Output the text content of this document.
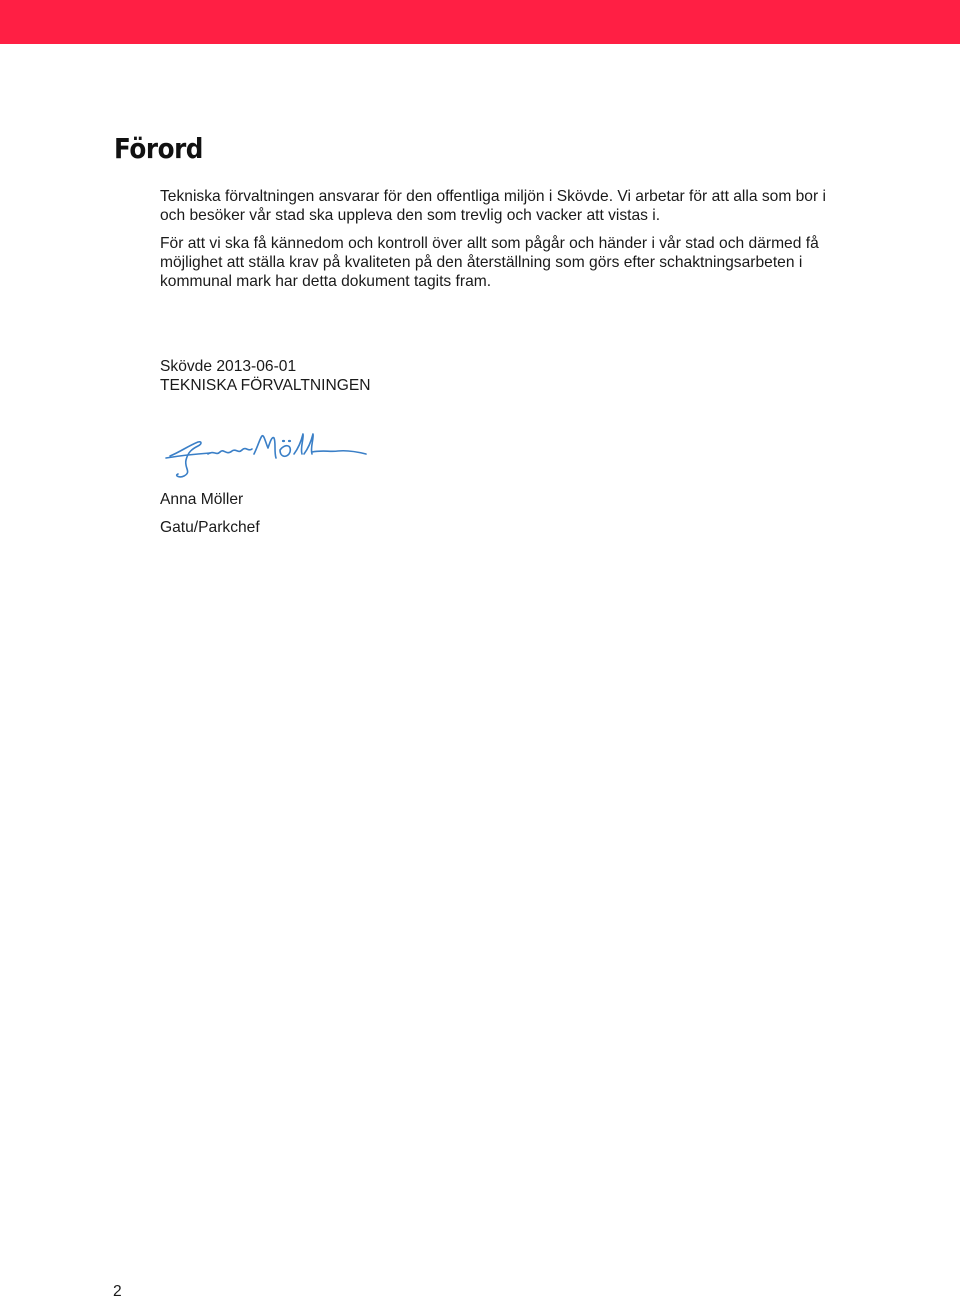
Förord

Tekniska förvaltningen ansvarar för den offentliga miljön i Skövde. Vi arbetar för att alla som bor i och besöker vår stad ska uppleva den som trevlig och vacker att vistas i.

För att vi ska få kännedom och kontroll över allt som pågår och händer i vår stad och därmed få möjlighet att ställa krav på kvaliteten på den återställning som görs efter schaktningsarbeten i kommunal mark har detta dokument tagits fram.

Skövde 2013-06-01
TEKNISKA FÖRVALTNINGEN
Anna Möller
Gatu/Parkchef
2
